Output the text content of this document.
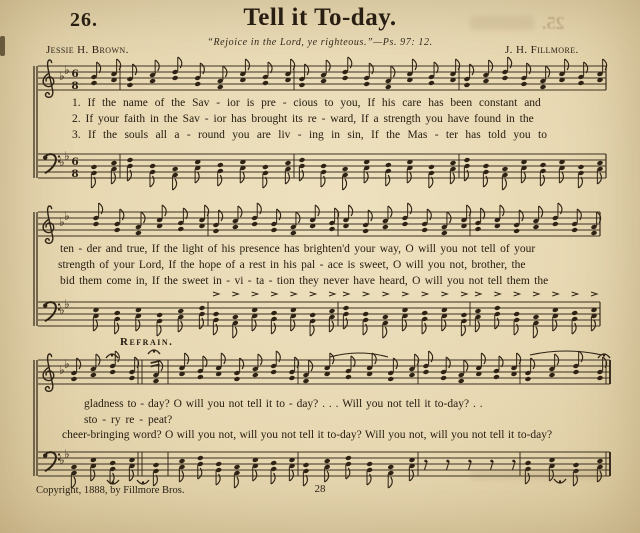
♭ ♭ 6
8
♭ ♭ 6
8
♭ ♭
♭ ♭
♭ ♭
♭ ♭
26.	Tell it To-day.
“Rejoice in the Lord, ye righteous.”—Ps. 97: 12.
Jessie H. Brown.	J. H. Fillmore.
1. If the name of the Sav - ior is pre - cious to you, If his care has been constant and
2. If your faith in the Sav - ior has brought its re - ward, If a strength you have found in the
3. If the souls all a - round you are liv - ing in sin, If the Mas - ter has told you to
ten - der and true, If the light of his presence has brighten'd your way, O will you not tell of your
strength of your Lord, If the hope of a rest in his pal - ace is sweet, O will you not, brother, the
bid them come in, If the sweet in - vi - ta - tion they never have heard, O will you not tell them the
Refrain.
gladness to - day? O will you not tell it to - day? . . . Will you not tell it to-day? . .
sto - ry re - peat?
cheer-bringing word? O will you not, will you not tell it to-day? Will you not, will you not tell it to-day?
Copyright, 1888, by Fillmore Bros.	28
25.
